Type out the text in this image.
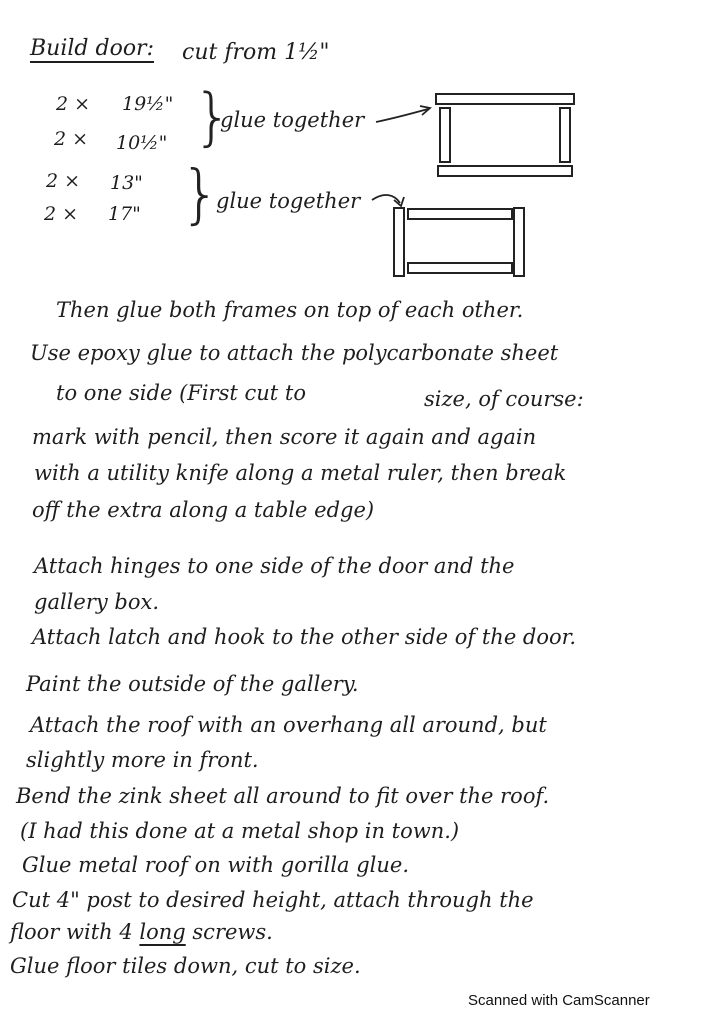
Build door: cut from 1½"
2 × 19½"
2 × 10½" }
glue together
2 × 13"
2 × 17" }
glue together
Then glue both frames on top of each other.
Use epoxy glue to attach the polycarbonate sheet
to one side (First cut to	size, of course:
mark with pencil, then score it again and again
with a utility knife along a metal ruler, then break
off the extra along a table edge)
Attach hinges to one side of the door and the
gallery box.
Attach latch and hook to the other side of the door.
Paint the outside of the gallery.
Attach the roof with an overhang all around, but
slightly more in front.
Bend the zink sheet all around to fit over the roof.
(I had this done at a metal shop in town.)
Glue metal roof on with gorilla glue.
Cut 4" post to desired height, attach through the
floor with 4 long screws.
Glue floor tiles down, cut to size.
Scanned with CamScanner
